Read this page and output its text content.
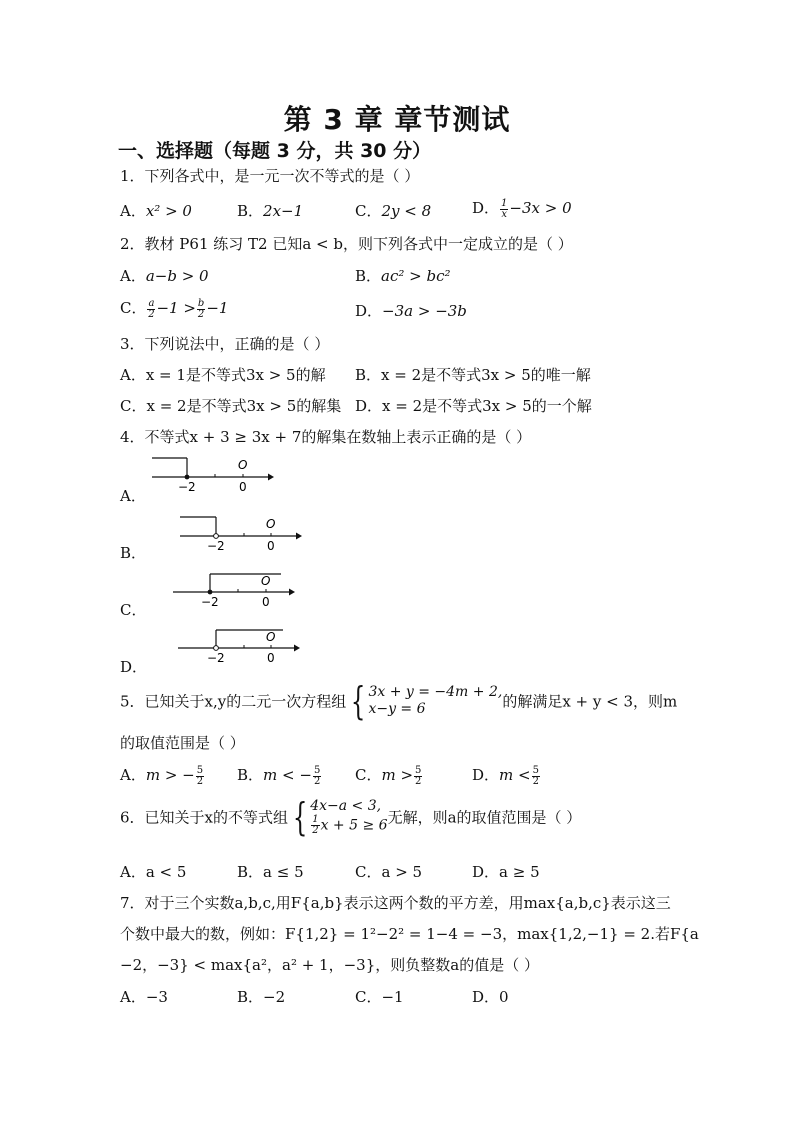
第 3 章 章节测试
一、选择题（每题 3 分，共 30 分）
1．下列各式中，是一元一次不等式的是（ ）
A．x² > 0	B．2x−1	C．2y < 8	D． $\frac{1}{x} -3x > 0$
2．教材 P61 练习 T2 已知a < b，则下列各式中一定成立的是（ ）
A．a−b > 0	B．ac² > bc²
C． $\frac{a}{2} -1 > \frac{b}{2} -1$	D．−3a > −3b
3．下列说法中，正确的是（ ）
A．x = 1是不等式3x > 5的解 B．x = 2是不等式3x > 5的唯一解
C．x = 2是不等式3x > 5的解集 D．x = 2是不等式3x > 5的一个解
4．不等式x + 3 ≥ 3x + 7的解集在数轴上表示正确的是（ ）
A．
O
−2	0
B．
O
−2	0
C．
O
−2	0
D．
O
−2	0
5．已知关于x,y的二元一次方程组 { 3x + y = −4m + 2,
x−y = 6	的解满足x + y < 3，则m
的取值范围是（ ）
A．m > − $\frac{5}{2}$ B．m < − $\frac{5}{2}$ C．$m > \frac{5}{2}$	D．$m < \frac{5}{2}$
6．已知关于x的不等式组 { 4x−a < 3,
$\frac{1}{2}$ x + 5 ≥ 6 无解，则a的取值范围是（ ）
A．a < 5	B．a ≤ 5	C．a > 5	D．a ≥ 5
7．对于三个实数a,b,c,用F{a,b}表示这两个数的平方差，用max{a,b,c}表示这三
个数中最大的数，例如：F{1,2} = 1²−2² = 1−4 = −3，max{1,2,−1} = 2.若F{a
−2，−3} < max{a²，a² + 1，−3}，则负整数a的值是（ ）
A．−3	B．−2	C．−1	D．0
